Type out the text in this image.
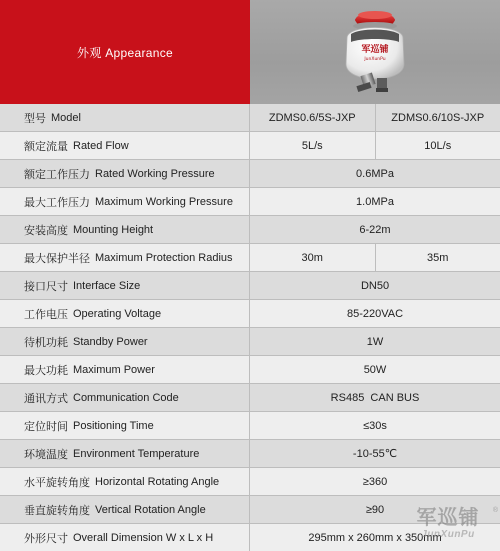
外观 Appearance	军巡铺
JunXunPu
型号 Model	ZDMS0.6/5S-JXP	ZDMS0.6/10S-JXP
额定流量 Rated Flow	5L/s	10L/s
额定工作压力 Rated Working Pressure	0.6MPa
最大工作压力 Maximum Working Pressure	1.0MPa
安装高度 Mounting Height	6-22m
最大保护半径 Maximum Protection Radius	30m	35m
接口尺寸 Interface Size	DN50
工作电压 Operating Voltage	85-220VAC
待机功耗 Standby Power	1W
最大功耗 Maximum Power	50W
通讯方式 Communication Code	RS485  CAN BUS
定位时间 Positioning Time	≤30s
环境温度 Environment Temperature	-10-55℃
水平旋转角度 Horizontal Rotating Angle	≥360
垂直旋转角度 Vertical Rotation Angle	≥90
外形尺寸 Overall Dimension W x L x H	295mm x 260mm x 350mm
军巡铺
JunXunPu
®
